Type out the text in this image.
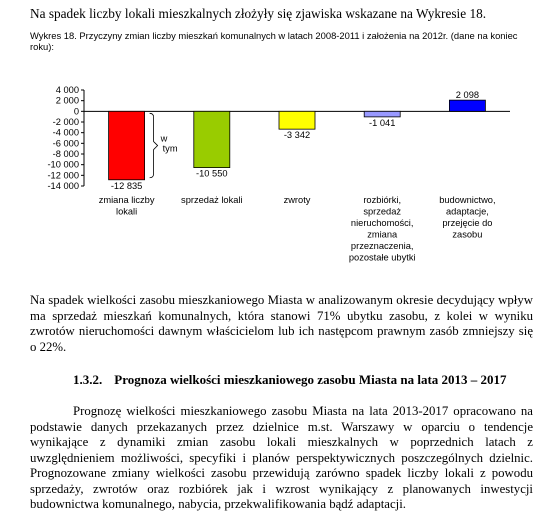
Na spadek liczby lokali mieszkalnych złożyły się zjawiska wskazane na Wykresie 18.
Wykres 18. Przyczyny zmian liczby mieszkań komunalnych w latach 2008-2011 i założenia na 2012r. (dane na koniec roku):
4 000
2 000
0
-2 000
-4 000
-6 000
-8 000
-10 000
-12 000
-14 000	-12 835
zmiana liczby
lokali
-10 550
sprzedaż lokali
-3 342
zwroty
-1 041
rozbiórki,
sprzedaż
nieruchomości,
zmiana
przeznaczenia,
pozostałe ubytki
2 098
budownictwo,
adaptacje,
przejęcie do
zasobu
w
tym
Na spadek wielkości zasobu mieszkaniowego Miasta w analizowanym okresie decydujący wpływ ma sprzedaż mieszkań komunalnych, która stanowi 71% ubytku zasobu, z kolei w wyniku zwrotów nieruchomości dawnym właścicielom lub ich następcom prawnym zasób zmniejszy się o 22%.
1.3.2. Prognoza wielkości mieszkaniowego zasobu Miasta na lata 2013 – 2017
Prognozę wielkości mieszkaniowego zasobu Miasta na lata 2013-2017 opracowano na podstawie danych przekazanych przez dzielnice m.st. Warszawy w oparciu o tendencje wynikające z dynamiki zmian zasobu lokali mieszkalnych w poprzednich latach z uwzględnieniem możliwości, specyfiki i planów perspektywicznych poszczególnych dzielnic. Prognozowane zmiany wielkości zasobu przewidują zarówno spadek liczby lokali z powodu sprzedaży, zwrotów oraz rozbiórek jak i wzrost wynikający z planowanych inwestycji budownictwa komunalnego, nabycia, przekwalifikowania bądź adaptacji.
